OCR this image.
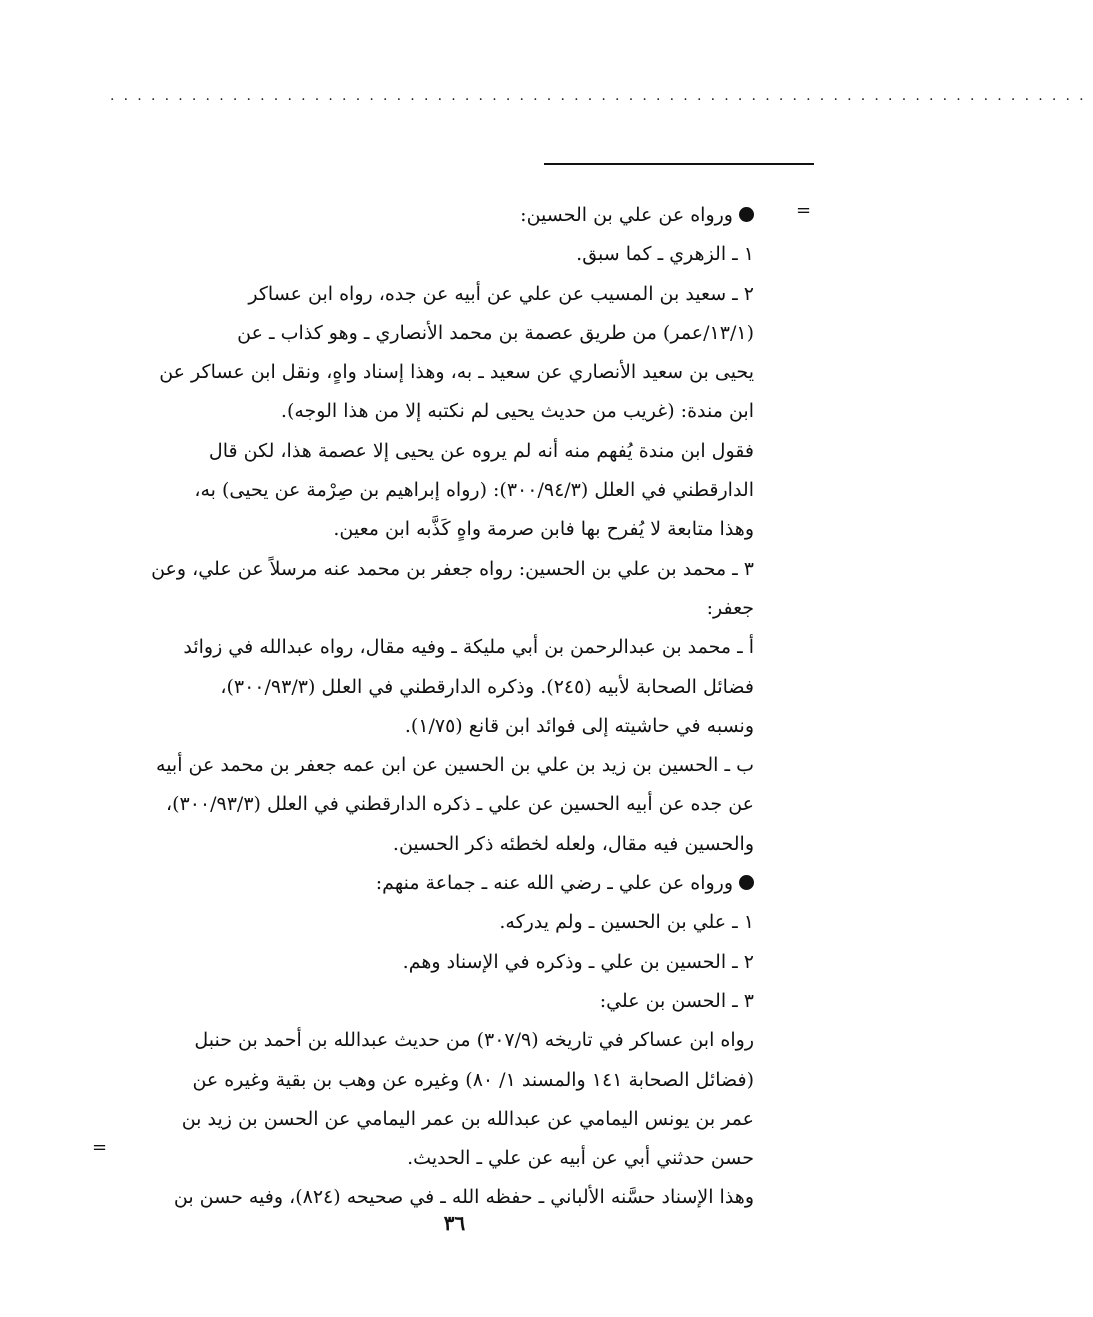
........................................................................
=
=
ورواه عن علي بن الحسين:
١ ـ الزهري ـ كما سبق.
٢ ـ سعيد بن المسيب عن علي عن أبيه عن جده، رواه ابن عساكر
(١٣/١/عمر) من طريق عصمة بن محمد الأنصاري ـ وهو كذاب ـ عن
يحيى بن سعيد الأنصاري عن سعيد ـ به، وهذا إسناد واهٍ، ونقل ابن عساكر عن
ابن مندة: (غريب من حديث يحيى لم نكتبه إلا من هذا الوجه).
فقول ابن مندة يُفهم منه أنه لم يروه عن يحيى إلا عصمة هذا، لكن قال
الدارقطني في العلل (٣٠٠/٩٤/٣): (رواه إبراهيم بن صِرْمة عن يحيى) به،
وهذا متابعة لا يُفرح بها فابن صرمة واهٍ كَذَّبه ابن معين.
٣ ـ محمد بن علي بن الحسين: رواه جعفر بن محمد عنه مرسلاً عن علي، وعن
جعفر:
أ ـ محمد بن عبدالرحمن بن أبي مليكة ـ وفيه مقال، رواه عبدالله في زوائد
فضائل الصحابة لأبيه (٢٤٥). وذكره الدارقطني في العلل (٣٠٠/٩٣/٣)،
ونسبه في حاشيته إلى فوائد ابن قانع (١/٧٥).
ب ـ الحسين بن زيد بن علي بن الحسين عن ابن عمه جعفر بن محمد عن أبيه
عن جده عن أبيه الحسين عن علي ـ ذكره الدارقطني في العلل (٣٠٠/٩٣/٣)،
والحسين فيه مقال، ولعله لخطئه ذكر الحسين.
ورواه عن علي ـ رضي الله عنه ـ جماعة منهم:
١ ـ علي بن الحسين ـ ولم يدركه.
٢ ـ الحسين بن علي ـ وذكره في الإسناد وهم.
٣ ـ الحسن بن علي:
رواه ابن عساكر في تاريخه (٣٠٧/٩) من حديث عبدالله بن أحمد بن حنبل
(فضائل الصحابة ١٤١ والمسند ١/ ٨٠) وغيره عن وهب بن بقية وغيره عن
عمر بن يونس اليمامي عن عبدالله بن عمر اليمامي عن الحسن بن زيد بن
حسن حدثني أبي عن أبيه عن علي ـ الحديث.
وهذا الإسناد حسَّنه الألباني ـ حفظه الله ـ في صحيحه (٨٢٤)، وفيه حسن بن
٣٦
